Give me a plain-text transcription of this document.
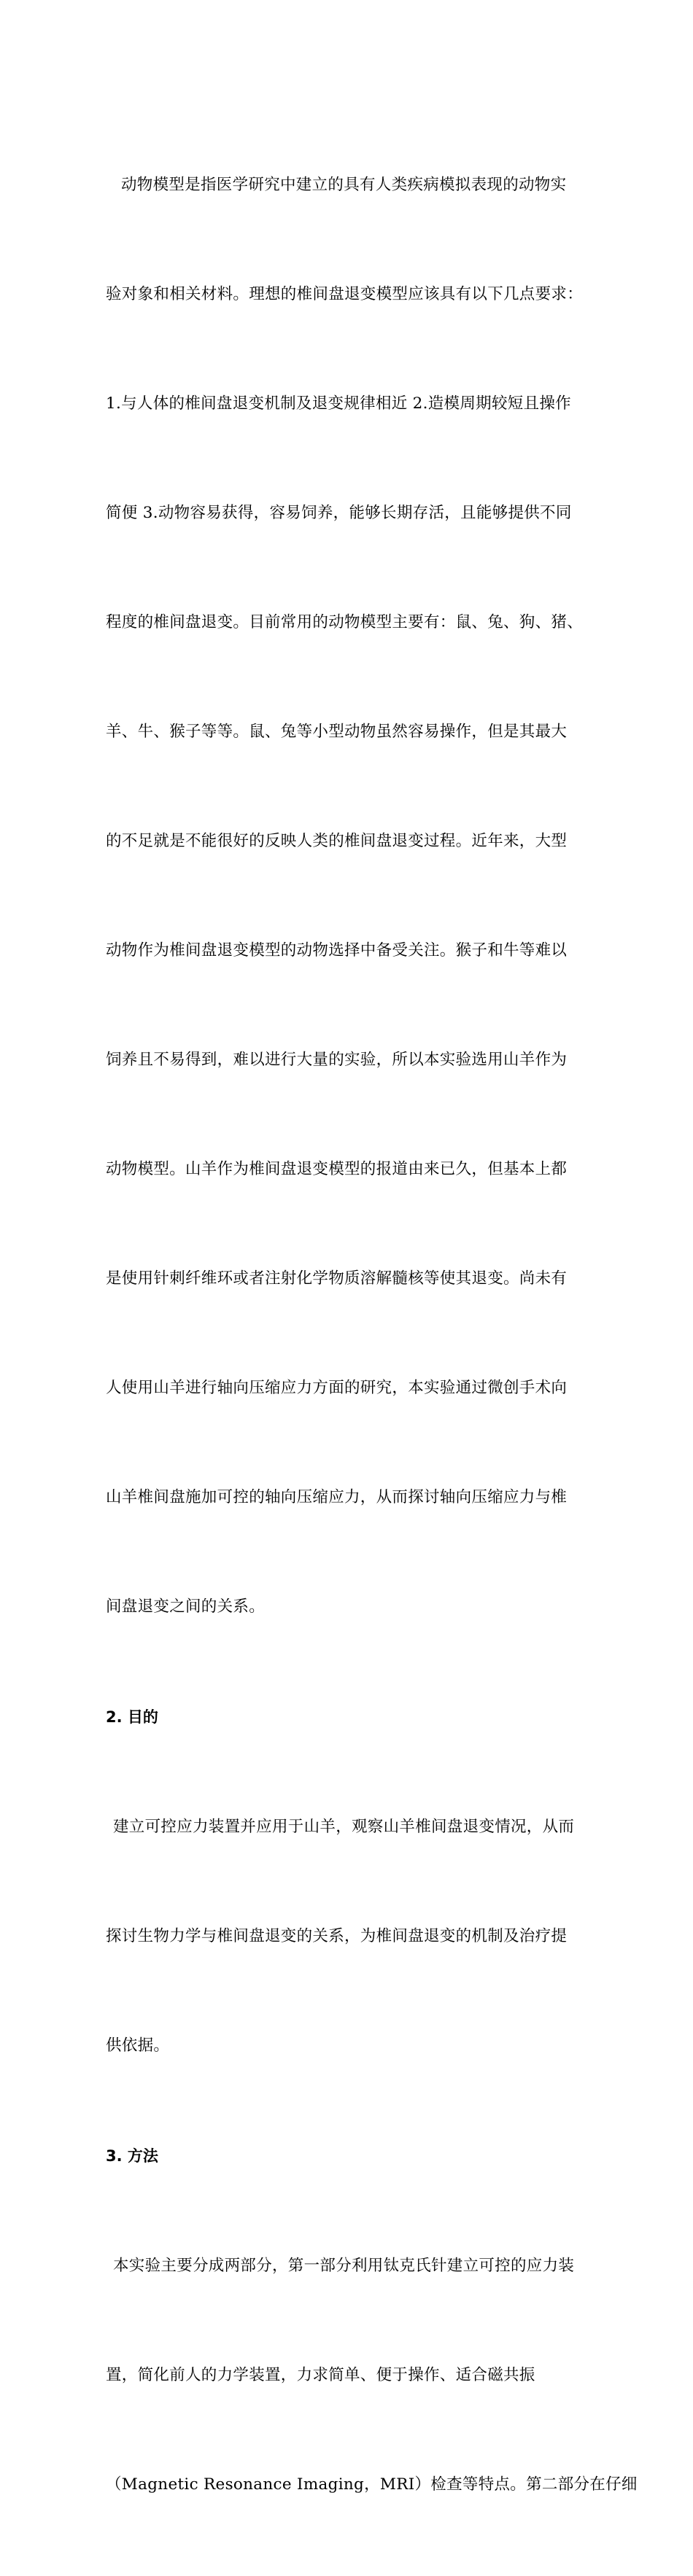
动物模型是指医学研究中建立的具有人类疾病模拟表现的动物实

验对象和相关材料。理想的椎间盘退变模型应该具有以下几点要求：

1.与人体的椎间盘退变机制及退变规律相近 2.造模周期较短且操作

简便 3.动物容易获得，容易饲养，能够长期存活，且能够提供不同

程度的椎间盘退变。目前常用的动物模型主要有：鼠、兔、狗、猪、

羊、牛、猴子等等。鼠、兔等小型动物虽然容易操作，但是其最大

的不足就是不能很好的反映人类的椎间盘退变过程。近年来，大型

动物作为椎间盘退变模型的动物选择中备受关注。猴子和牛等难以

饲养且不易得到，难以进行大量的实验，所以本实验选用山羊作为

动物模型。山羊作为椎间盘退变模型的报道由来已久，但基本上都

是使用针刺纤维环或者注射化学物质溶解髓核等使其退变。尚未有

人使用山羊进行轴向压缩应力方面的研究，本实验通过微创手术向

山羊椎间盘施加可控的轴向压缩应力，从而探讨轴向压缩应力与椎

间盘退变之间的关系。

2. 目的

建立可控应力装置并应用于山羊，观察山羊椎间盘退变情况，从而

探讨生物力学与椎间盘退变的关系，为椎间盘退变的机制及治疗提

供依据。

3. 方法

本实验主要分成两部分，第一部分利用钛克氏针建立可控的应力装

置，简化前人的力学装置，力求简单、便于操作、适合磁共振

（Magnetic Resonance Imaging，MRI）检查等特点。第二部分在仔细
